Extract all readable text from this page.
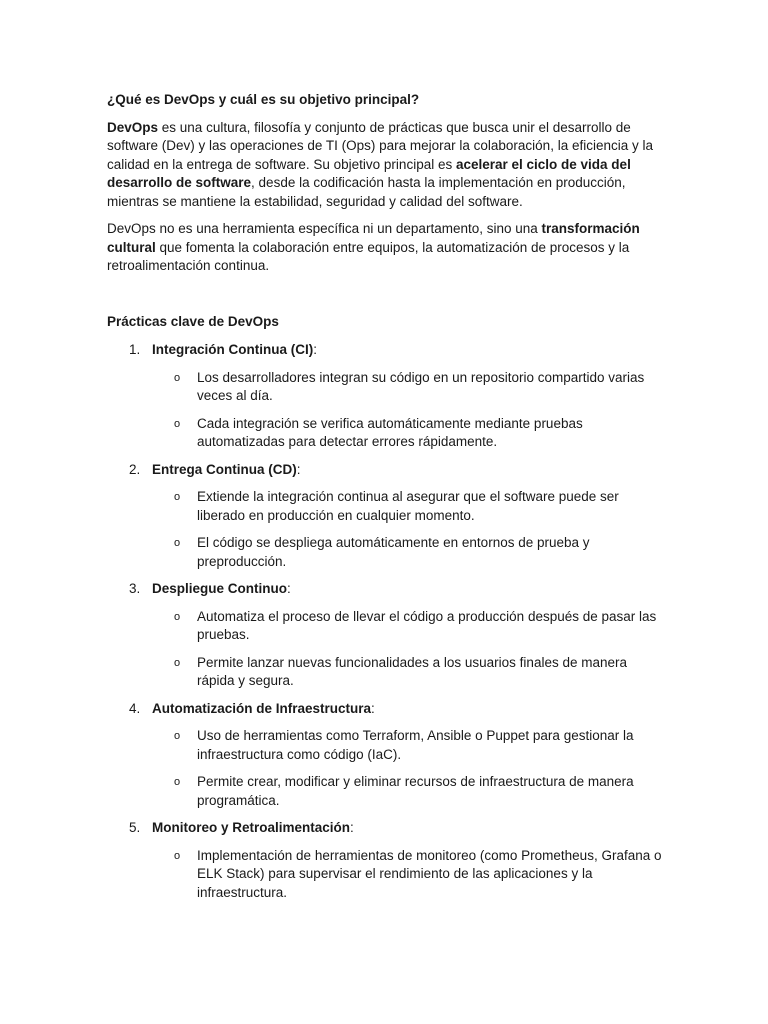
¿Qué es DevOps y cuál es su objetivo principal?

DevOps es una cultura, filosofía y conjunto de prácticas que busca unir el desarrollo de software (Dev) y las operaciones de TI (Ops) para mejorar la colaboración, la eficiencia y la calidad en la entrega de software. Su objetivo principal es acelerar el ciclo de vida del desarrollo de software, desde la codificación hasta la implementación en producción, mientras se mantiene la estabilidad, seguridad y calidad del software.

DevOps no es una herramienta específica ni un departamento, sino una transformación cultural que fomenta la colaboración entre equipos, la automatización de procesos y la retroalimentación continua.

Prácticas clave de DevOps
1. Integración Continua (CI):
o Los desarrolladores integran su código en un repositorio compartido varias veces al día.
o Cada integración se verifica automáticamente mediante pruebas automatizadas para detectar errores rápidamente.
2. Entrega Continua (CD):
o Extiende la integración continua al asegurar que el software puede ser liberado en producción en cualquier momento.
o El código se despliega automáticamente en entornos de prueba y preproducción.
3. Despliegue Continuo:
o Automatiza el proceso de llevar el código a producción después de pasar las pruebas.
o Permite lanzar nuevas funcionalidades a los usuarios finales de manera rápida y segura.
4. Automatización de Infraestructura:
o Uso de herramientas como Terraform, Ansible o Puppet para gestionar la infraestructura como código (IaC).
o Permite crear, modificar y eliminar recursos de infraestructura de manera programática.
5. Monitoreo y Retroalimentación:
o Implementación de herramientas de monitoreo (como Prometheus, Grafana o ELK Stack) para supervisar el rendimiento de las aplicaciones y la infraestructura.
